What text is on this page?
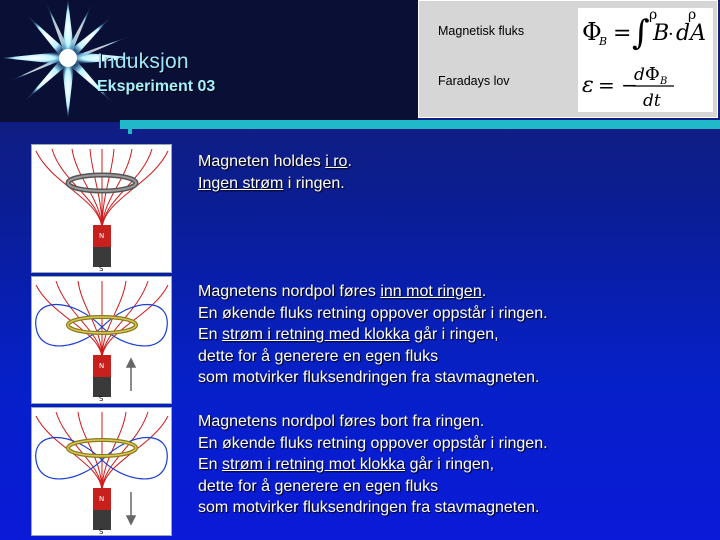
Induksjon
Eksperiment 03
Magnetisk fluks
Faradays lov
Φ
B = ∫ B
ρ
· dA
ρ
ε = −
d Φ B
dt
N
S
N
S
N
S
Magneten holdes i ro.
Ingen strøm i ringen.
Magnetens nordpol føres inn mot ringen.
En økende fluks retning oppover oppstår i ringen.
En strøm i retning med klokka går i ringen,
dette for å generere en egen fluks
som motvirker fluksendringen fra stavmagneten.
Magnetens nordpol føres bort fra ringen.
En økende fluks retning oppover oppstår i ringen.
En strøm i retning mot klokka går i ringen,
dette for å generere en egen fluks
som motvirker fluksendringen fra stavmagneten.
